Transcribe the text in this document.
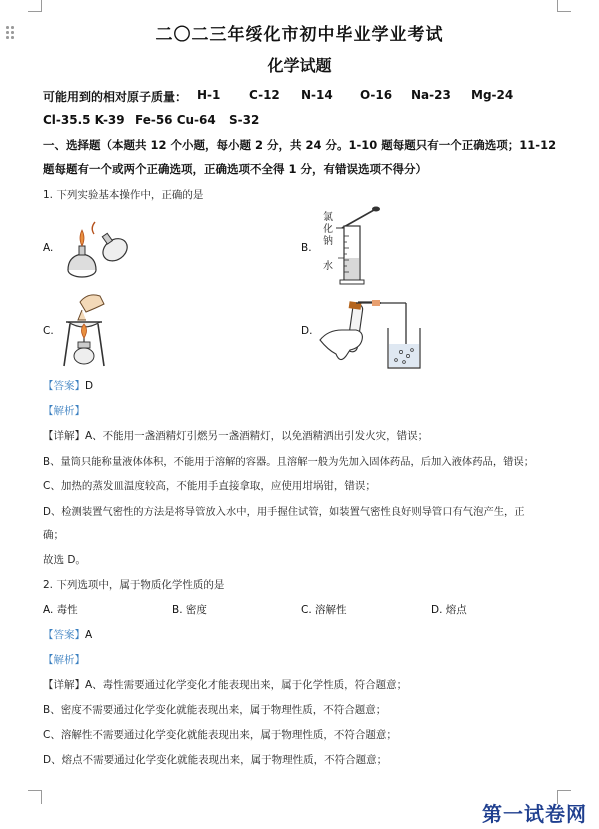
二〇二三年绥化市初中毕业学业考试
化学试题
可能用到的相对原子质量： H-1 C-12 N-14 O-16 Na-23 Mg-24
Cl-35.5 K-39 Fe-56 Cu-64 S-32
一、选择题（本题共 12 个小题，每小题 2 分，共 24 分。1-10 题每题只有一个正确选项；11-12
题每题有一个或两个正确选项，正确选项不全得 1 分，有错误选项不得分）
1. 下列实验基本操作中，正确的是
A.	B.
氯
化
钠
水
C.	D.
【答案】D
【解析】
【详解】A、不能用一盏酒精灯引燃另一盏酒精灯，以免酒精洒出引发火灾，错误；
B、量筒只能称量液体体积，不能用于溶解的容器。且溶解一般为先加入固体药品，后加入液体药品，错误；
C、加热的蒸发皿温度较高，不能用手直接拿取，应使用坩埚钳，错误；
D、检测装置气密性的方法是将导管放入水中，用手握住试管，如装置气密性良好则导管口有气泡产生，正
确；
故选 D。
2. 下列选项中，属于物质化学性质的是
A. 毒性	B. 密度	C. 溶解性	D. 熔点
【答案】A
【解析】
【详解】A、毒性需要通过化学变化才能表现出来，属于化学性质，符合题意；
B、密度不需要通过化学变化就能表现出来，属于物理性质，不符合题意；
C、溶解性不需要通过化学变化就能表现出来，属于物理性质，不符合题意；
D、熔点不需要通过化学变化就能表现出来，属于物理性质，不符合题意；
第一试卷网
